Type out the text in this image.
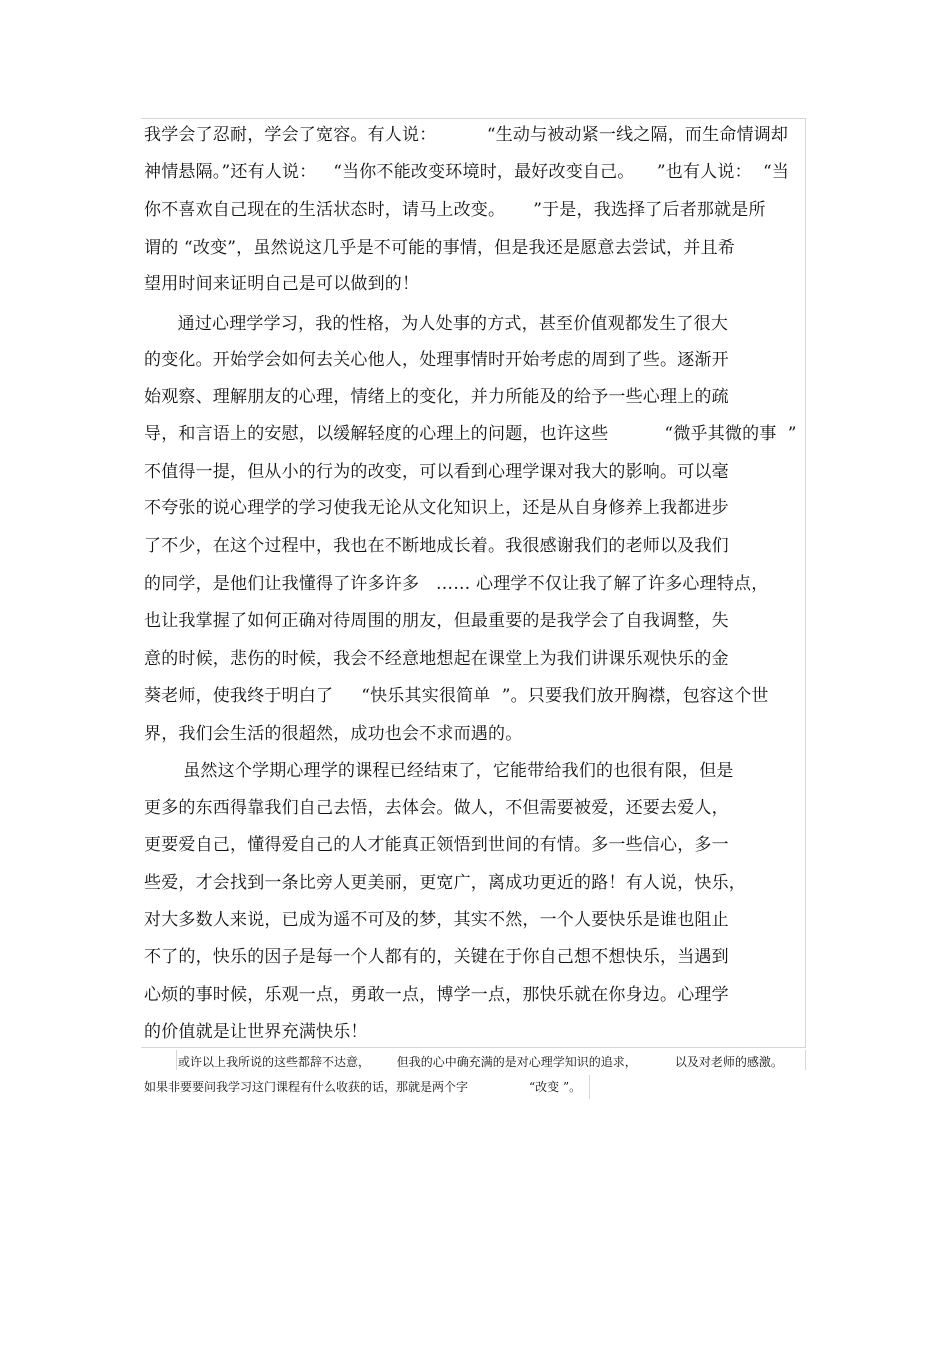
我学会了忍耐，学会了宽容。有人说：         “生动与被动紧一线之隔，而生命情调却
神情悬隔。”还有人说：   “当你不能改变环境时，最好改变自己。    ”也有人说：  “当
你不喜欢自己现在的生活状态时，请马上改变。     ”于是，我选择了后者那就是所
谓的 “改变”，虽然说这几乎是不可能的事情，但是我还是愿意去尝试，并且希
望用时间来证明自己是可以做到的！
通过心理学学习，我的性格，为人处事的方式，甚至价值观都发生了很大
的变化。开始学会如何去关心他人，处理事情时开始考虑的周到了些。逐渐开
始观察、理解朋友的心理，情绪上的变化，并力所能及的给予一些心理上的疏
导，和言语上的安慰，以缓解轻度的心理上的问题，也许这些          “微乎其微的事  ”
不值得一提，但从小的行为的改变，可以看到心理学课对我大的影响。可以毫
不夸张的说心理学的学习使我无论从文化知识上，还是从自身修养上我都进步
了不少，在这个过程中，我也在不断地成长着。我很感谢我们的老师以及我们
的同学，是他们让我懂得了许多许多   …… 心理学不仅让我了解了许多心理特点，
也让我掌握了如何正确对待周围的朋友，但最重要的是我学会了自我调整，失
意的时候，悲伤的时候，我会不经意地想起在课堂上为我们讲课乐观快乐的金
葵老师，使我终于明白了     “快乐其实很简单  ”。只要我们放开胸襟，包容这个世
界，我们会生活的很超然，成功也会不求而遇的。
虽然这个学期心理学的课程已经结束了，它能带给我们的也很有限，但是
更多的东西得靠我们自己去悟，去体会。做人，不但需要被爱，还要去爱人，
更要爱自己，懂得爱自己的人才能真正领悟到世间的有情。多一些信心，多一
些爱，才会找到一条比旁人更美丽，更宽广，离成功更近的路！有人说，快乐，
对大多数人来说，已成为遥不可及的梦，其实不然，一个人要快乐是谁也阻止
不了的，快乐的因子是每一个人都有的，关键在于你自己想不想快乐，当遇到
心烦的事时候，乐观一点，勇敢一点，博学一点，那快乐就在你身边。心理学
的价值就是让世界充满快乐！
或许以上我所说的这些都辞不达意，       但我的心中确充满的是对心理学知识的追求，          以及对老师的感激。
如果非要要问我学习这门课程有什么收获的话，那就是两个字                “改变 ”。
